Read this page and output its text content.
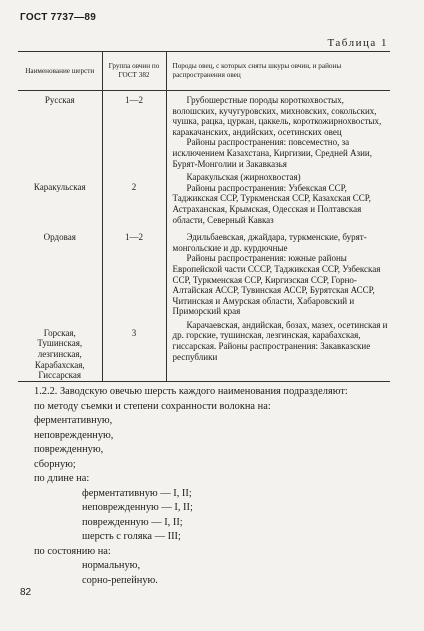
ГОСТ 7737—89
Таблица 1
Наименование шерсти	Группа овчин по ГОСТ 382	Породы овец, с которых сняты шкуры овчин, и районы распространения овец

Русская	1—2	Грубошерстные породы короткохвостых, волошских, кучугуровских, михновских, сокольских, чушка, рацка, цуркан, цаккель, короткожирнохвостых, каракачанских, андийских, осетинских овец

Районы распространения: повсеместно, за исключением Казахстана, Киргизии, Средней Азии, Бурят-Монголии и Закавказья

Каракульская	2	Каракульская (жирнохвостая)

Районы распространения: Узбекская ССР, Таджикская ССР, Туркменская ССР, Казахская ССР, Астраханская, Крымская, Одесская и Полтавская области, Северный Кавказ

Ордовая	1—2	Эдильбаевская, джайдара, туркменские, бурят-монгольские и др. курдючные

Районы распространения: южные районы Европейской части СССР, Таджикская ССР, Узбекская ССР, Туркменская ССР, Киргизская ССР, Горно-Алтайская АССР, Тувинская АССР, Бурятская АССР, Читинская и Амурская области, Хабаровский и Приморский края

Горская, Тушинская, лезгинская, Карабахская, Гиссарская	3	Карачаевская, андийская, бозах, мазех, осетинская и др. горские, тушинская, лезгинская, карабахская, гиссарская. Районы распространения: Закавказские республики

1.2.2. Заводскую овечью шерсть каждого наименования подразделяют:

по методу съемки и степени сохранности волокна на:

ферментативную,

неповрежденную,

поврежденную,

сборную;

по длине на:

ферментативную — I, II;

неповрежденную — I, II;

поврежденную — I, II;

шерсть с голяка — III;

по состоянию на:

нормальную,

сорно-репейную.

82
